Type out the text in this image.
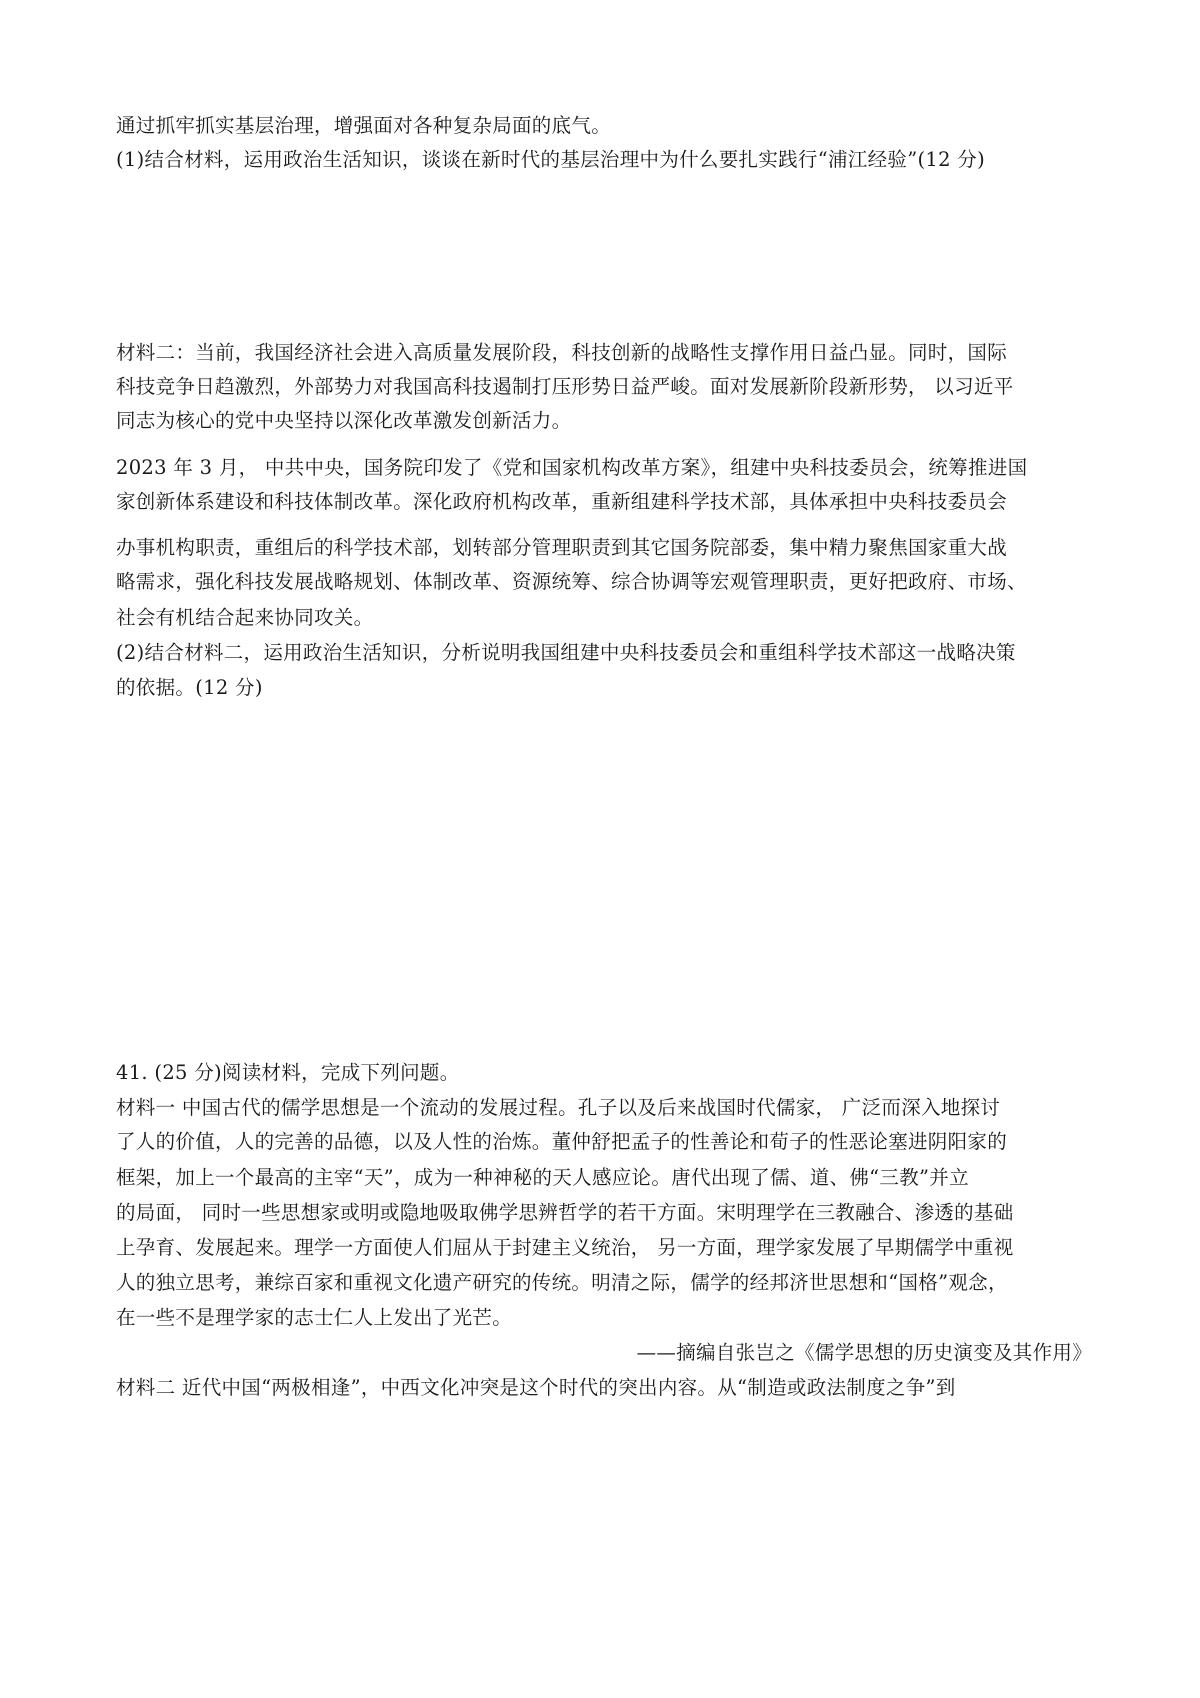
通过抓牢抓实基层治理，增强面对各种复杂局面的底气。
(1)结合材料，运用政治生活知识，谈谈在新时代的基层治理中为什么要扎实践行“浦江经验”(12 分)
材料二：当前，我国经济社会进入高质量发展阶段，科技创新的战略性支撑作用日益凸显。同时，国际
科技竞争日趋激烈，外部势力对我国高科技遏制打压形势日益严峻。面对发展新阶段新形势， 以习近平
同志为核心的党中央坚持以深化改革激发创新活力。
2023 年 3 月， 中共中央，国务院印发了《党和国家机构改革方案》，组建中央科技委员会，统筹推进国
家创新体系建设和科技体制改革。深化政府机构改革，重新组建科学技术部，具体承担中央科技委员会
办事机构职责，重组后的科学技术部，划转部分管理职责到其它国务院部委，集中精力聚焦国家重大战
略需求，强化科技发展战略规划、体制改革、资源统筹、综合协调等宏观管理职责，更好把政府、市场、
社会有机结合起来协同攻关。
(2)结合材料二，运用政治生活知识，分析说明我国组建中央科技委员会和重组科学技术部这一战略决策
的依据。(12 分)
41. (25 分)阅读材料，完成下列问题。
材料一 中国古代的儒学思想是一个流动的发展过程。孔子以及后来战国时代儒家， 广泛而深入地探讨
了人的价值，人的完善的品德，以及人性的治炼。董仲舒把孟子的性善论和荀子的性恶论塞进阴阳家的
框架，加上一个最高的主宰“天”，成为一种神秘的天人感应论。唐代出现了儒、道、佛“三教”并立
的局面， 同时一些思想家或明或隐地吸取佛学思辨哲学的若干方面。宋明理学在三教融合、渗透的基础
上孕育、发展起来。理学一方面使人们屈从于封建主义统治， 另一方面，理学家发展了早期儒学中重视
人的独立思考，兼综百家和重视文化遗产研究的传统。明清之际，儒学的经邦济世思想和“国格”观念，
在一些不是理学家的志士仁人上发出了光芒。
——摘编自张岂之《儒学思想的历史演变及其作用》
材料二 近代中国“两极相逢”，中西文化冲突是这个时代的突出内容。从“制造或政法制度之争”到
